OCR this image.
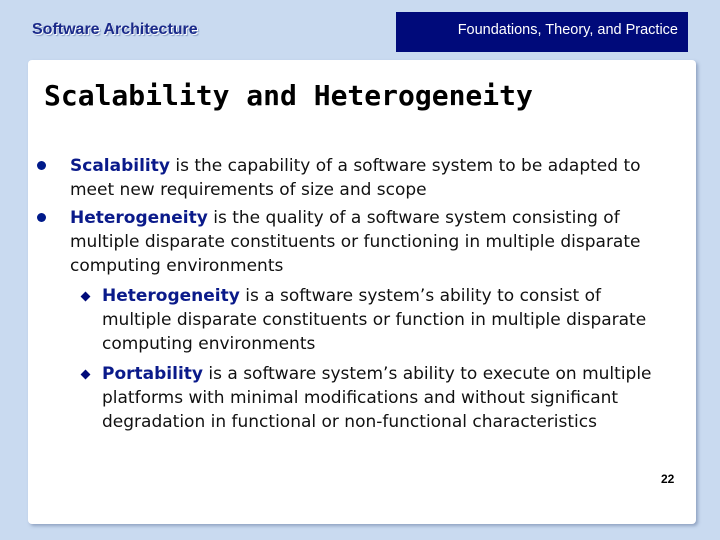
Software Architecture	Foundations, Theory, and Practice
Scalability and Heterogeneity
Scalability is the capability of a software system to be adapted to
meet new requirements of size and scope
Heterogeneity is the quality of a software system consisting of
multiple disparate constituents or functioning in multiple disparate
computing environments
Heterogeneity is a software system’s ability to consist of
multiple disparate constituents or function in multiple disparate
computing environments
Portability is a software system’s ability to execute on multiple
platforms with minimal modifications and without significant
degradation in functional or non-functional characteristics
22
